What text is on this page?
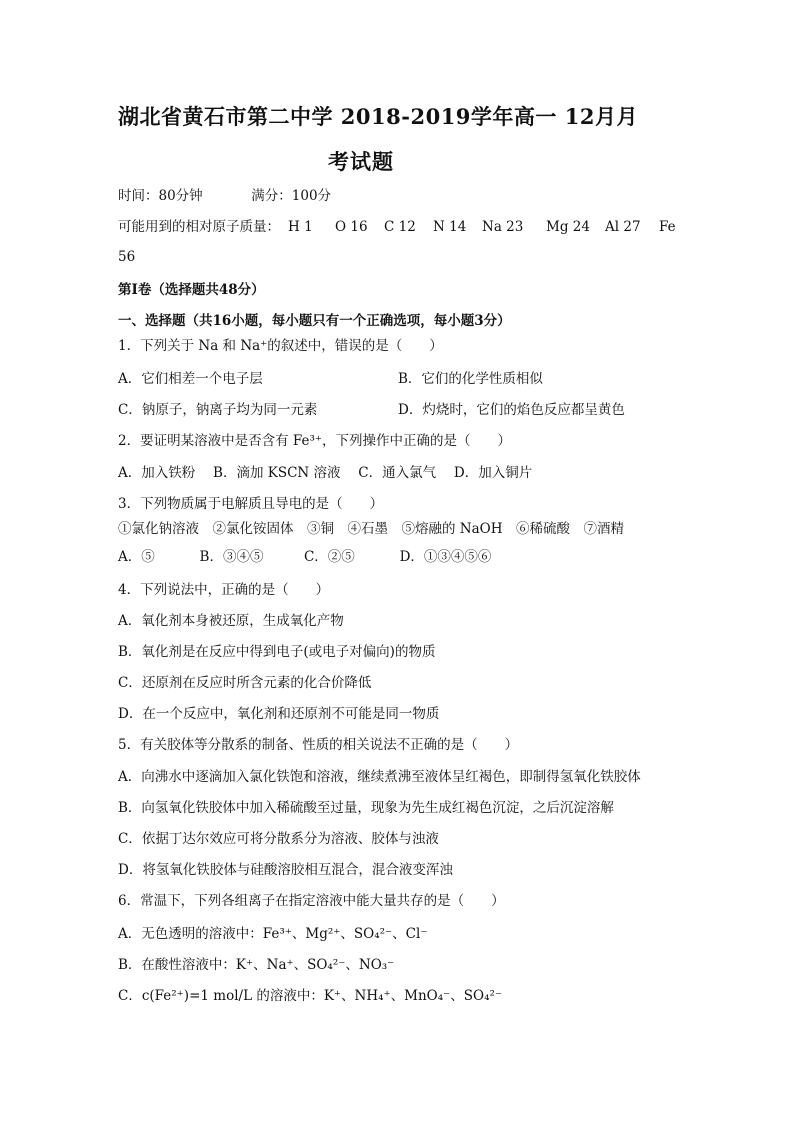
湖北省黄石市第二中学 2018-2019学年高一 12月月
考试题
时间：80分钟	满分：100分
可能用到的相对原子质量： H 1 O 16 C 12 N 14 Na 23 Mg 24 Al 27 Fe
56
第Ⅰ卷（选择题共48分）
一、选择题（共16小题，每小题只有一个正确选项，每小题3分）
1．下列关于 Na 和 Na⁺的叙述中，错误的是（　　）
A．它们相差一个电子层	B．它们的化学性质相似
C．钠原子，钠离子均为同一元素	D．灼烧时，它们的焰色反应都呈黄色
2．要证明某溶液中是否含有 Fe³⁺，下列操作中正确的是（　　）
A．加入铁粉　 B．滴加 KSCN 溶液　 C．通入氯气　 D．加入铜片
3．下列物质属于电解质且导电的是（　　）
①氯化钠溶液　②氯化铵固体　③铜　④石墨　⑤熔融的 NaOH　⑥稀硫酸　⑦酒精
A．⑤　　　 B．③④⑤　　　C．②⑤　　　 D．①③④⑤⑥
4．下列说法中，正确的是（　　）
A．氧化剂本身被还原，生成氧化产物
B．氧化剂是在反应中得到电子(或电子对偏向)的物质
C．还原剂在反应时所含元素的化合价降低
D．在一个反应中，氧化剂和还原剂不可能是同一物质
5．有关胶体等分散系的制备、性质的相关说法不正确的是（　　）
A．向沸水中逐滴加入氯化铁饱和溶液，继续煮沸至液体呈红褐色，即制得氢氧化铁胶体
B．向氢氧化铁胶体中加入稀硫酸至过量，现象为先生成红褐色沉淀，之后沉淀溶解
C．依据丁达尔效应可将分散系分为溶液、胶体与浊液
D．将氢氧化铁胶体与硅酸溶胶相互混合，混合液变浑浊
6．常温下，下列各组离子在指定溶液中能大量共存的是（　　）
A．无色透明的溶液中：Fe³⁺、Mg²⁺、SO₄²⁻、Cl⁻
B．在酸性溶液中：K⁺、Na⁺、SO₄²⁻、NO₃⁻
C．c(Fe²⁺)=1 mol/L 的溶液中：K⁺、NH₄⁺、MnO₄⁻、SO₄²⁻
